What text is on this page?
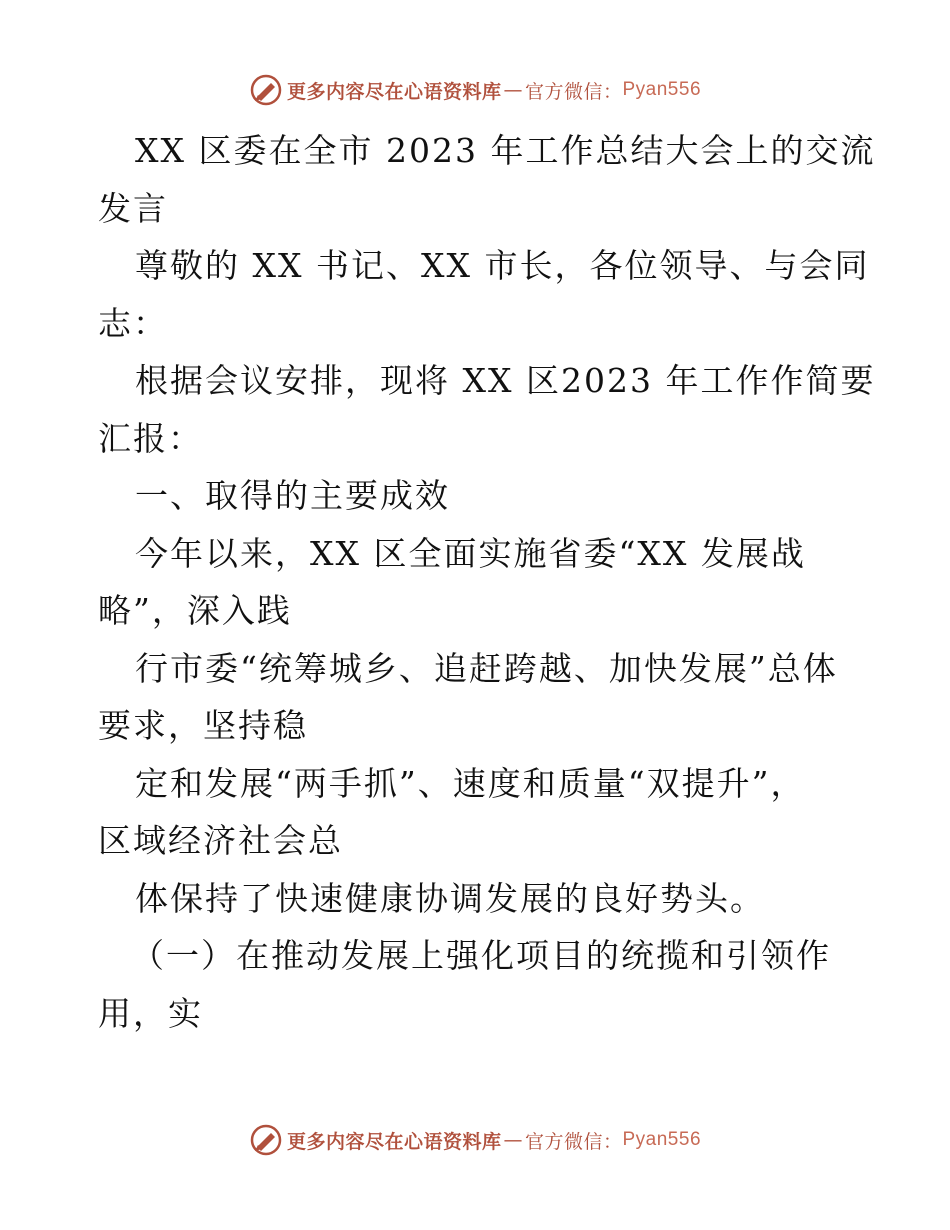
更多内容尽在心语资料库 — 官方微信： Pyan556
XX 区委在全市 2023 年工作总结大会上的交流
发言
尊敬的 XX 书记、XX 市长，各位领导、与会同
志：
根据会议安排，现将 XX 区2023 年工作作简要
汇报：
一、取得的主要成效
今年以来，XX 区全面实施省委“XX 发展战
略”，深入践
行市委“统筹城乡、追赶跨越、加快发展”总体
要求，坚持稳
定和发展“两手抓”、速度和质量“双提升”，
区域经济社会总
体保持了快速健康协调发展的良好势头。
（一）在推动发展上强化项目的统揽和引领作
用，实
更多内容尽在心语资料库 — 官方微信： Pyan556
